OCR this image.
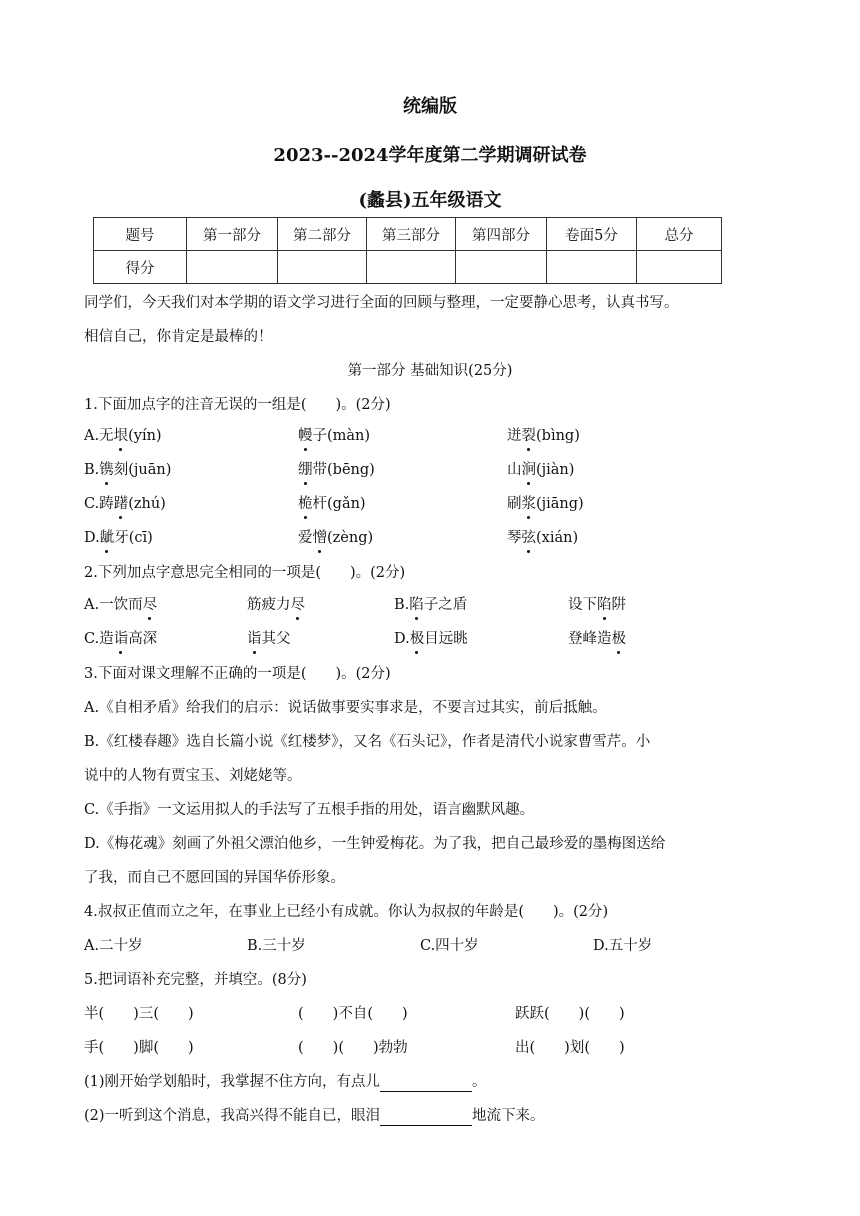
统编版
2023--2024学年度第二学期调研试卷
(蠡县)五年级语文
题号	第一部分	第二部分	第三部分	第四部分	卷面5分	总分
得分						
同学们，今天我们对本学期的语文学习进行全面的回顾与整理，一定要静心思考，认真书写。
相信自己，你肯定是最棒的！
第一部分 基础知识(25分)
1.下面加点字的注音无误的一组是(　　)。(2分)
A.无垠(yín)	幔子(màn)	迸裂(bìng)
B.镌刻(juān)	绷带(bēng)	山涧(jiàn)
C.踌躇(zhú)	桅杆(gǎn)	刷浆(jiāng)
D.龇牙(cī)	爱憎(zèng)	琴弦(xián)
2.下列加点字意思完全相同的一项是(　　)。(2分)
A.一饮而尽	筋疲力尽	B.陷子之盾	设下陷阱
C.造诣高深	诣其父	D.极目远眺	登峰造极
3.下面对课文理解不正确的一项是(　　)。(2分)
A.《自相矛盾》给我们的启示：说话做事要实事求是，不要言过其实，前后抵触。
B.《红楼春趣》选自长篇小说《红楼梦》，又名《石头记》，作者是清代小说家曹雪芹。小
说中的人物有贾宝玉、刘姥姥等。
C.《手指》一文运用拟人的手法写了五根手指的用处，语言幽默风趣。
D.《梅花魂》刻画了外祖父漂泊他乡，一生钟爱梅花。为了我，把自己最珍爱的墨梅图送给
了我，而自己不愿回国的异国华侨形象。
4.叔叔正值而立之年，在事业上已经小有成就。你认为叔叔的年龄是(　　)。(2分)
A.二十岁	B.三十岁	C.四十岁	D.五十岁
5.把词语补充完整，并填空。(8分)
半(　　)三(　　)	(　　)不自(　　)	跃跃(　　)(　　)
手(　　)脚(　　)	(　　)(　　)勃勃	出(　　)划(　　)
(1)刚开始学划船时，我掌握不住方向，有点儿	。
(2)一听到这个消息，我高兴得不能自已，眼泪	地流下来。
